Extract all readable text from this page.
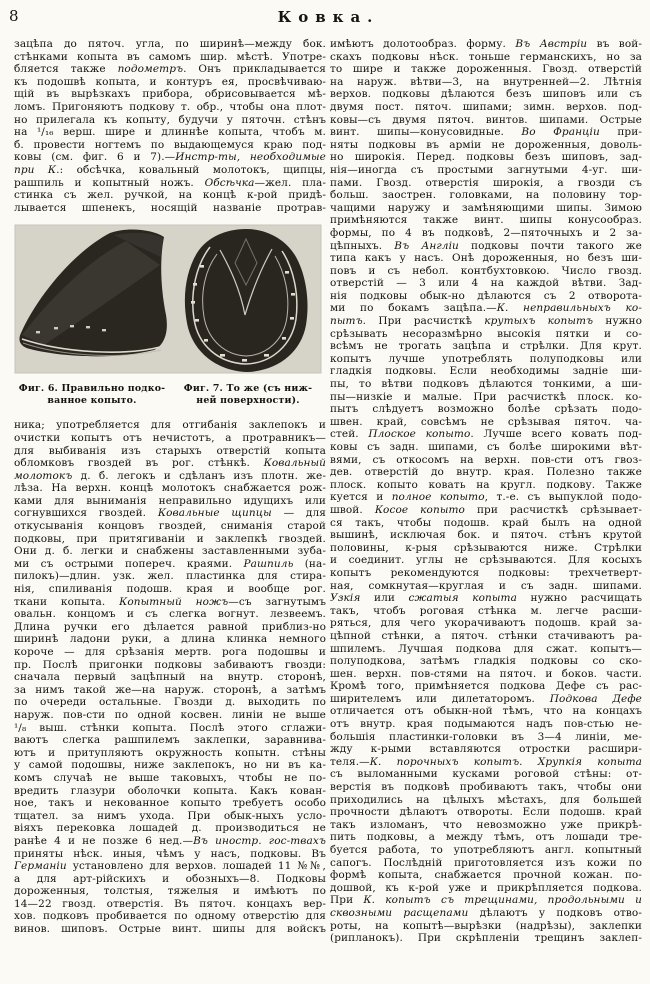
8	Ковка.
зацѣпа до пяточ. угла, по ширинѣ—между бок.
стѣнками копыта въ самомъ шир. мѣстѣ. Употре-
бляется также подометръ. Онъ прикладывается
къ подошвѣ копыта, и контуръ ея, просвѣчиваю-
щій въ вырѣзкахъ прибора, обрисовывается мѣ-
ломъ. Пригоняютъ подкову т. обр., чтобы она плот-
но прилегала къ копыту, будучи у пяточн. стѣнъ
на ¹/₁₆ верш. шире и длиннѣе копыта, чтобъ м.
б. провести ногтемъ по выдающемуся краю под-
ковы (см. фиг. 6 и 7).—Инстр-ты, необходимые
при К.: обсѣчка, ковальный молотокъ, щипцы,
рашпиль и копытный ножъ. Обсѣчка—жел. пла-
стинка съ жел. ручкой, на концѣ к-рой придѣ-
лывается шпенекъ, носящій названіе протрав-
Фиг. 6. Правильно подко-
ванное копыто.
Фиг. 7. То же (съ ниж-
ней поверхности).
ника; употребляется для отгибанія заклепокъ и
очистки копытъ отъ нечистотъ, а протравникъ—
для выбиванія изъ старыхъ отверстій копыта
обломковъ гвоздей въ рог. стѣнкѣ. Ковальный
молотокъ д. б. легокъ и сдѣланъ изъ плотн. же-
лѣза. На верхн. концѣ молотокъ снабжается рож-
ками для выниманія неправильно идущихъ или
согнувшихся гвоздей. Ковальные щипцы — для
откусыванія концовъ гвоздей, сниманія старой
подковы, при притягиваніи и заклепкѣ гвоздей.
Они д. б. легки и снабжены заставленными зуба-
ми съ острыми попереч. краями. Рашпиль (на-
пилокъ)—длин. узк. жел. пластинка для стира-
нія, спиливанія подошв. края и вообще рог.
ткани копыта. Копытный ножъ—съ загнутымъ
овальн. концомъ и съ слегка вогнут. лезвеемъ.
Длина ручки его дѣлается равной приблиз-но
ширинѣ ладони руки, а длина клинка немного
короче — для срѣзанія мертв. рога подошвы и
пр. Послѣ пригонки подковы забиваютъ гвозди:
сначала первый зацѣпный на внутр. сторонѣ,
за нимъ такой же—на наруж. сторонѣ, а затѣмъ
по очереди остальные. Гвозди д. выходить по
наруж. пов-сти по одной косвен. линіи не выше
¹/₈ выш. стѣнки копыта. Послѣ этого сглажи-
ваютъ слегка рашпилемъ заклепки, заравнива-
ютъ и притупляютъ окружность копытн. стѣны
у самой подошвы, ниже заклепокъ, но ни въ ка-
комъ случаѣ не выше таковыхъ, чтобы не по-
вредить глазури оболочки копыта. Какъ кован-
ное, такъ и некованное копыто требуетъ особо
тщател. за нимъ ухода. При обык-ныхъ усло-
віяхъ перековка лошадей д. производиться не
ранѣе 4 и не позже 6 нед.—Въ иностр. гос-твахъ
приняты нѣск. иныя, чѣмъ у насъ, подковы. Въ
Германіи установлено для верхов. лошадей 11 №№,
а для арт-рійскихъ и обозныхъ—8. Подковы
дороженныя, толстыя, тяжелыя и имѣютъ по
14—22 гвозд. отверстія. Въ пяточ. концахъ вер-
хов. подковъ пробивается по одному отверстію для
винов. шиповъ. Острые винт. шипы для войскъ
имѣютъ долотообраз. форму. Въ Австріи въ вой-
скахъ подковы нѣск. тоньше германскихъ, но за
то шире и также дороженныя. Гвозд. отверстій
на наруж. вѣтви—3, на внутренней—2. Лѣтнія
верхов. подковы дѣлаются безъ шиповъ или съ
двумя пост. пяточ. шипами; зимн. верхов. под-
ковы—съ двумя пяточ. винтов. шипами. Острые
винт. шипы—конусовидные. Во Франціи при-
няты подковы въ арміи не дороженныя, доволь-
но широкія. Перед. подковы безъ шиповъ, зад-
нія—иногда съ простыми загнутыми 4-уг. ши-
пами. Гвозд. отверстія широкія, а гвозди съ
больш. заострен. головками, на половину тор-
чащими наружу и замѣняющими шипы. Зимою
примѣняются также винт. шипы конусообраз.
формы, по 4 въ подковѣ, 2—пяточныхъ и 2 за-
цѣпныхъ. Въ Англіи подковы почти такого же
типа какъ у насъ. Онѣ дороженныя, но безъ ши-
повъ и съ небол. контбухтовкою. Число гвозд.
отверстій — 3 или 4 на каждой вѣтви. Зад-
нія подковы обык-но дѣлаются съ 2 отворота-
ми по бокамъ зацѣпа.—К. неправильныхъ ко-
пытъ. При расчисткѣ крутыхъ копытъ нужно
срѣзывать несоразмѣрно высокія пятки и со-
всѣмъ не трогать зацѣпа и стрѣлки. Для крут.
копытъ лучше употреблять полуподковы или
гладкія подковы. Если необходимы задніе ши-
пы, то вѣтви подковъ дѣлаются тонкими, а ши-
пы—низкіе и малые. При расчисткѣ плоск. ко-
пытъ слѣдуетъ возможно болѣе срѣзать подо-
швен. край, совсѣмъ не срѣзывая пяточ. ча-
стей. Плоское копыто. Лучше всего ковать под-
ковы съ задн. шипами, съ болѣе широкими вѣт-
вями, съ откосомъ на верхн. пов-сти отъ гвоз-
дев. отверстій до внутр. края. Полезно также
плоск. копыто ковать на кругл. подкову. Также
куется и полное копыто, т.-е. съ выпуклой подо-
швой. Косое копыто при расчисткѣ срѣзывает-
ся такъ, чтобы подошв. край былъ на одной
вышинѣ, исключая бок. и пяточ. стѣнъ крутой
половины, к-рыя срѣзываются ниже. Стрѣлки
и соединит. углы не срѣзываются. Для косыхъ
копытъ рекомендуются подковы: трехчетверт-
ная, сомкнутая—круглая и съ задн. шипами.
Узкія или сжатыя копыта нужно расчищать
такъ, чтобъ роговая стѣнка м. легче расши-
ряться, для чего укорачиваютъ подошв. край за-
цѣпной стѣнки, а пяточ. стѣнки стачиваютъ ра-
шпилемъ. Лучшая подкова для сжат. копытъ—
полуподкова, затѣмъ гладкія подковы со ско-
шен. верхн. пов-стями на пяточ. и боков. части.
Кромѣ того, примѣняется подкова Дефе съ рас-
ширителемъ или дилетаторомъ. Подкова Дефе
отличается отъ обыкн-ной тѣмъ, что на концахъ
отъ внутр. края подымаются надъ пов-стью не-
большія пластинки-головки въ 3—4 линіи, ме-
жду к-рыми вставляются отростки расшири-
теля.—К. порочныхъ копытъ. Хрупкія копыта
съ выломанными кусками роговой стѣны: от-
верстія въ подковѣ пробиваютъ такъ, чтобы они
приходились на цѣлыхъ мѣстахъ, для большей
прочности дѣлаютъ отвороты. Если подошв. край
такъ изломанъ, что невозможно уже прикрѣ-
пить подковы, а между тѣмъ, отъ лошади тре-
буется работа, то употребляютъ англ. копытный
сапогъ. Послѣдній приготовляется изъ кожи по
формѣ копыта, снабжается прочной кожан. по-
дошвой, къ к-рой уже и прикрѣпляется подкова.
При К. копытъ съ трещинами, продольными и
сквозными расщепами дѣлаютъ у подковъ отво-
роты, на копытѣ—вырѣзки (надрѣзы), заклепки
(рипланокъ). При скрѣпленіи трещинъ заклеп-
